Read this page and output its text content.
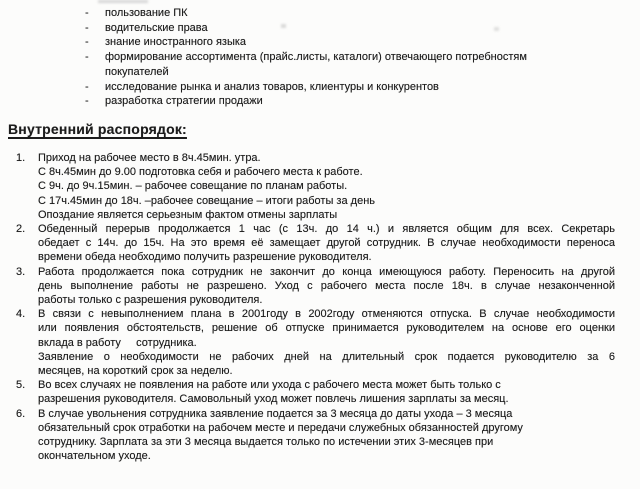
-	пользование ПК
-	водительские права
-	знание иностранного языка
-	формирование ассортимента (прайс.листы, каталоги) отвечающего потребностям
покупателей
-	исследование рынка и анализ товаров, клиентуры и конкурентов
-	разработка стратегии продажи
Внутренний распорядок:
1.	Приход на рабочее место в 8ч.45мин. утра.
С 8ч.45мин до 9.00 подготовка себя и рабочего места к работе.
С 9ч. до 9ч.15мин. – рабочее совещание по планам работы.
С 17ч.45мин до 18ч. –рабочее совещание – итоги работы за день
Опоздание является серьезным фактом отмены зарплаты
2.	Обеденный перерыв продолжается 1 час (с 13ч. до 14 ч.) и является общим для всех. Секретарь
обедает с 14ч. до 15ч. На это время её замещает другой сотрудник. В случае необходимости переноса
времени обеда необходимо получить разрешение руководителя.
3.	Работа продолжается пока сотрудник не закончит до конца имеющуюся работу. Переносить на другой
день выполнение работы не разрешено. Уход с рабочего места после 18ч. в случае незаконченной
работы только с разрешения руководителя.
4.	В связи с невыполнением плана в 2001году в 2002году отменяются отпуска. В случае необходимости
или появления обстоятельств, решение об отпуске принимается руководителем на основе его оценки
вклада в работу     сотрудника.
Заявление о необходимости не рабочих дней на длительный срок подается руководителю за 6
месяцев, на короткий срок за неделю.
5.	Во всех случаях не появления на работе или ухода с рабочего места может быть только с
разрешения руководителя. Самовольный уход может повлечь лишения зарплаты за месяц.
6.	В случае увольнения сотрудника заявление подается за 3 месяца до даты ухода – 3 месяца
обязательный срок отработки на рабочем месте и передачи служебных обязанностей другому
сотруднику. Зарплата за эти 3 месяца выдается только по истечении этих 3-месяцев при
окончательном уходе.
